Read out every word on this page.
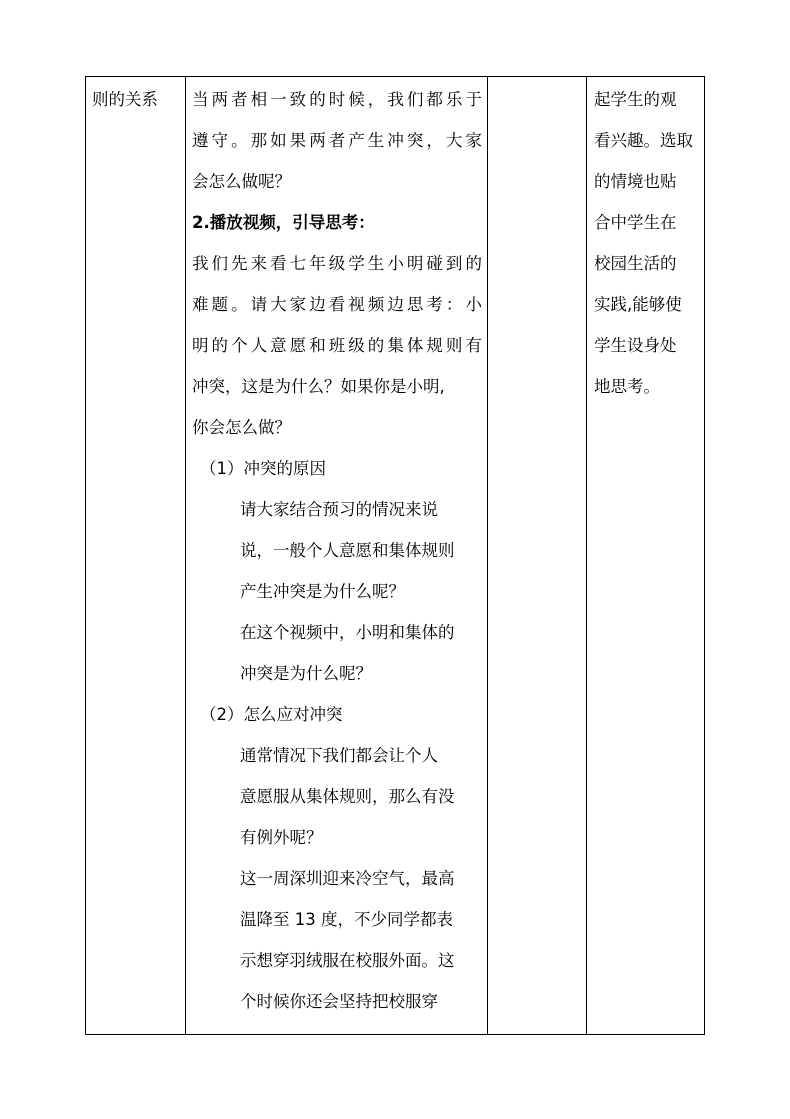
则的关系 当 两 者 相 一 致 的 时 候 ， 我 们 都 乐 于
遵 守 。 那 如 果 两 者 产 生 冲 突 ， 大 家
会怎么做呢？
2.播放视频，引导思考：
我 们 先 来 看 七 年 级 学 生 小 明 碰 到 的
难 题 。 请 大 家 边 看 视 频 边 思 考 ： 小
明 的 个 人 意 愿 和 班 级 的 集 体 规 则 有
冲突，这是为什么？如果你是小明,
你会怎么做？
（1）冲突的原因
请大家结合预习的情况来说
说，一般个人意愿和集体规则
产生冲突是为什么呢？
在这个视频中，小明和集体的
冲突是为什么呢？
（2）怎么应对冲突
通常情况下我们都会让个人
意愿服从集体规则，那么有没
有例外呢？
这一周深圳迎来冷空气，最高
温降至 13 度，不少同学都表
示想穿羽绒服在校服外面。这
个时候你还会坚持把校服穿
起学生的观
看兴趣。选取
的情境也贴
合中学生在
校园生活的
实践,能够使
学生设身处
地思考。
